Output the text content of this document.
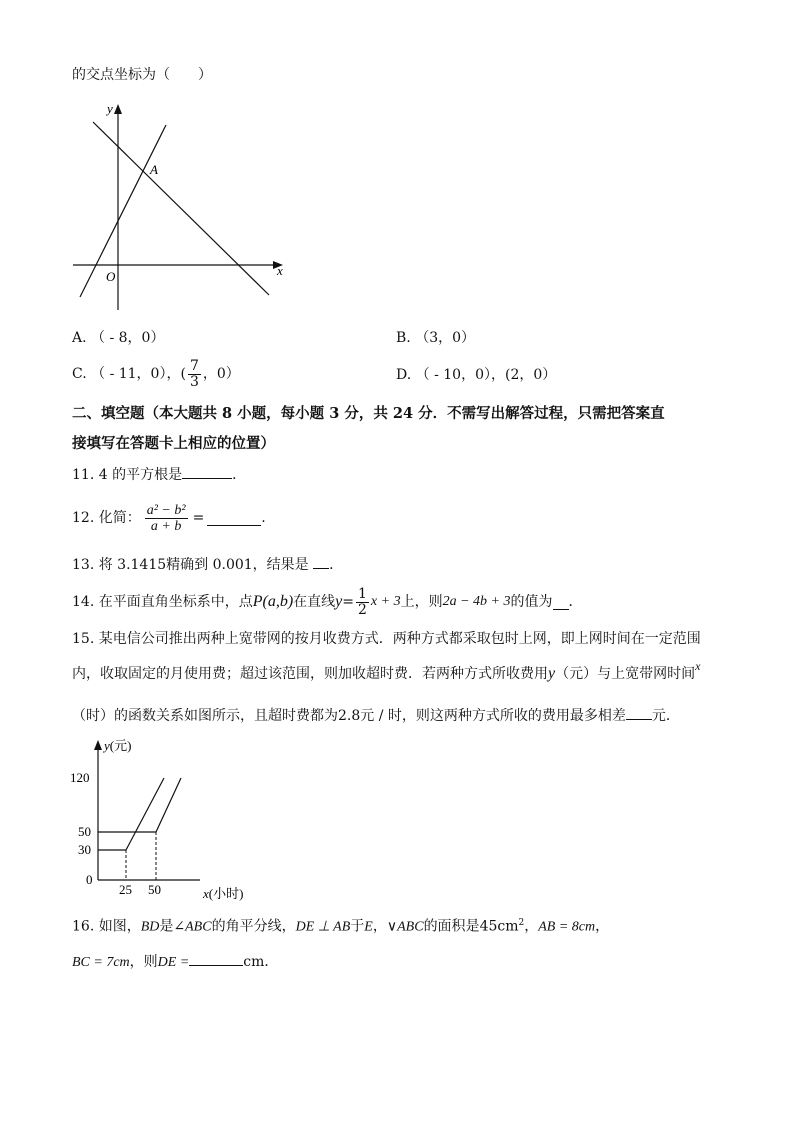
的交点坐标为（　　）
y
x
O
A
A. （ - 8，0）	B. （3，0）
C. （ - 11，0），( $\frac{7}{3}$ ，0）	D. （ - 10，0），(2，0）
二、填空题（本大题共 8 小题，每小题 3 分，共 24 分．不需写出解答过程，只需把答案直
接填写在答题卡上相应的位置）
11. 4 的平方根是	．
12. 化简： $\frac{\text{a² − b²}}{a + b}$ =	.
13. 将 3.1415精确到 0.001，结果是 ．
14. 在平面直角坐标系中，点 P(a,b) 在直线 $y = \frac{1}{2}$ x + 3 上，则 2a − 4b + 3 的值为 ．
15. 某电信公司推出两种上宽带网的按月收费方式．两种方式都采取包时上网，即上网时间在一定范围
内，收取固定的月使用费；超过该范围，则加收超时费．若两种方式所收费用y（元）与上宽带网时间x
（时）的函数关系如图所示，且超时费都为2.8元 / 时，则这两种方式所收的费用最多相差 元．
y(元)
120
50
30
0
25 50	x(小时)
16. 如图，BD是∠ABC的角平分线，DE ⊥ AB于E，∨ABC的面积是$45cm^2$，AB = 8cm，
BC = 7cm，则DE =	cm．
